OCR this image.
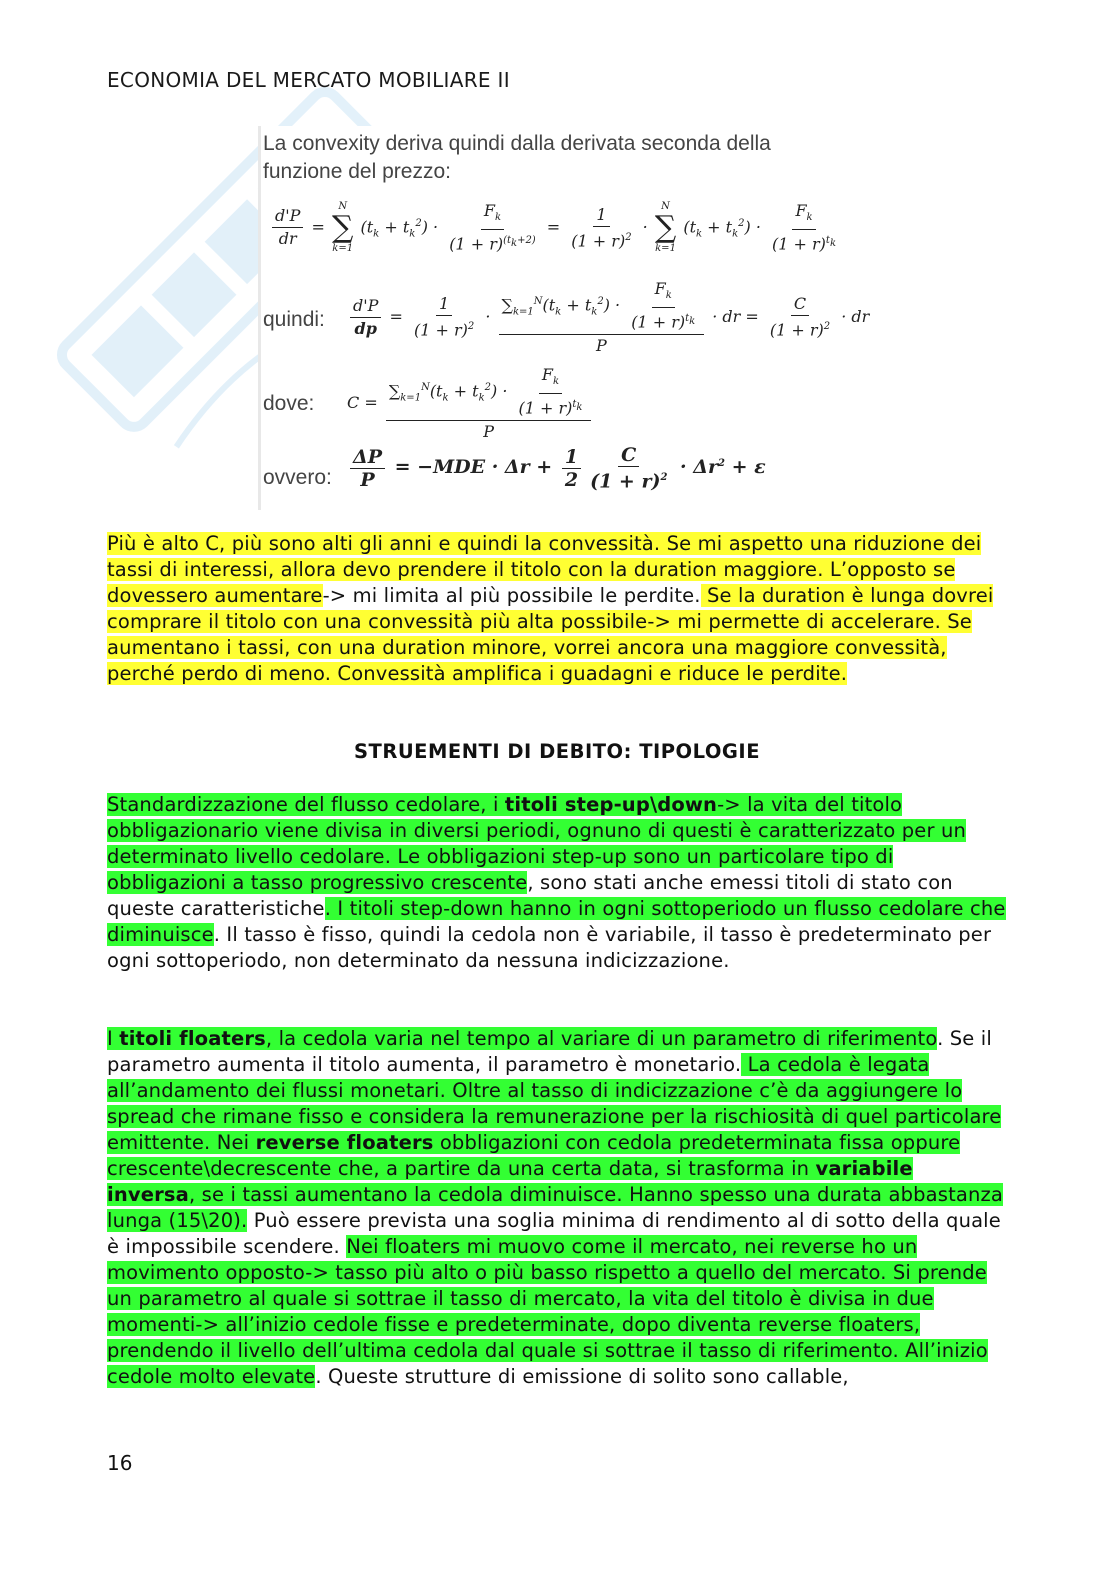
ECONOMIA DEL MERCATO MOBILIARE II
La convexity deriva quindi dalla derivata seconda della funzione del prezzo:
$\frac{d'P}{dr}$ =
N
∑
k=1
$(t_k + t_k^2) \cdot \frac{F_k}{(1 + r)^{(t_k+2)}} = \frac{1}{(1 + r)^2}$ ·
N
∑
k=1
$(t_k + t_k^2) \cdot \frac{F_k}{(1 + r)^{t_k}}$
quindi: $\frac{d'P}{dp} = \frac{1}{(1 + r)^2} \cdot \frac{\sum_{k=1}^N(t_k + t_k^2) \cdot \frac{F_k}{(1 + r)^{t_k}}}{P}$ · dr = $\frac{C}{(1 + r)^2}$ · dr
dove: $C = \frac{\sum_{k=1}^N(t_k + t_k^2) \cdot \frac{F_k}{(1 + r)^{t_k}}}{P}$
ovvero: $\frac{\Delta P}{P} = -MDE \cdot \Delta r + \frac{1}{2} \frac{C}{(1 + r)^2} \cdot \Delta r^2 + \varepsilon$
Più è alto C, più sono alti gli anni e quindi la convessità. Se mi aspetto una riduzione dei tassi di interessi, allora devo prendere il titolo con la duration maggiore. L’opposto se dovessero aumentare-> mi limita al più possibile le perdite. Se la duration è lunga dovrei comprare il titolo con una convessità più alta possibile-> mi permette di accelerare. Se aumentano i tassi, con una duration minore, vorrei ancora una maggiore convessità, perché perdo di meno. Convessità amplifica i guadagni e riduce le perdite.
STRUEMENTI DI DEBITO: TIPOLOGIE
Standardizzazione del flusso cedolare, i titoli step-up\down-> la vita del titolo obbligazionario viene divisa in diversi periodi, ognuno di questi è caratterizzato per un determinato livello cedolare. Le obbligazioni step-up sono un particolare tipo di obbligazioni a tasso progressivo crescente, sono stati anche emessi titoli di stato con queste caratteristiche. I titoli step-down hanno in ogni sottoperiodo un flusso cedolare che diminuisce. Il tasso è fisso, quindi la cedola non è variabile, il tasso è predeterminato per ogni sottoperiodo, non determinato da nessuna indicizzazione.
I titoli floaters, la cedola varia nel tempo al variare di un parametro di riferimento. Se il parametro aumenta il titolo aumenta, il parametro è monetario. La cedola è legata all’andamento dei flussi monetari. Oltre al tasso di indicizzazione c’è da aggiungere lo spread che rimane fisso e considera la remunerazione per la rischiosità di quel particolare emittente. Nei reverse floaters obbligazioni con cedola predeterminata fissa oppure crescente\decrescente che, a partire da una certa data, si trasforma in variabile inversa, se i tassi aumentano la cedola diminuisce. Hanno spesso una durata abbastanza lunga (15\20). Può essere prevista una soglia minima di rendimento al di sotto della quale è impossibile scendere. Nei floaters mi muovo come il mercato, nei reverse ho un movimento opposto-> tasso più alto o più basso rispetto a quello del mercato. Si prende un parametro al quale si sottrae il tasso di mercato, la vita del titolo è divisa in due momenti-> all’inizio cedole fisse e predeterminate, dopo diventa reverse floaters, prendendo il livello dell’ultima cedola dal quale si sottrae il tasso di riferimento. All’inizio cedole molto elevate. Queste strutture di emissione di solito sono callable,
16
